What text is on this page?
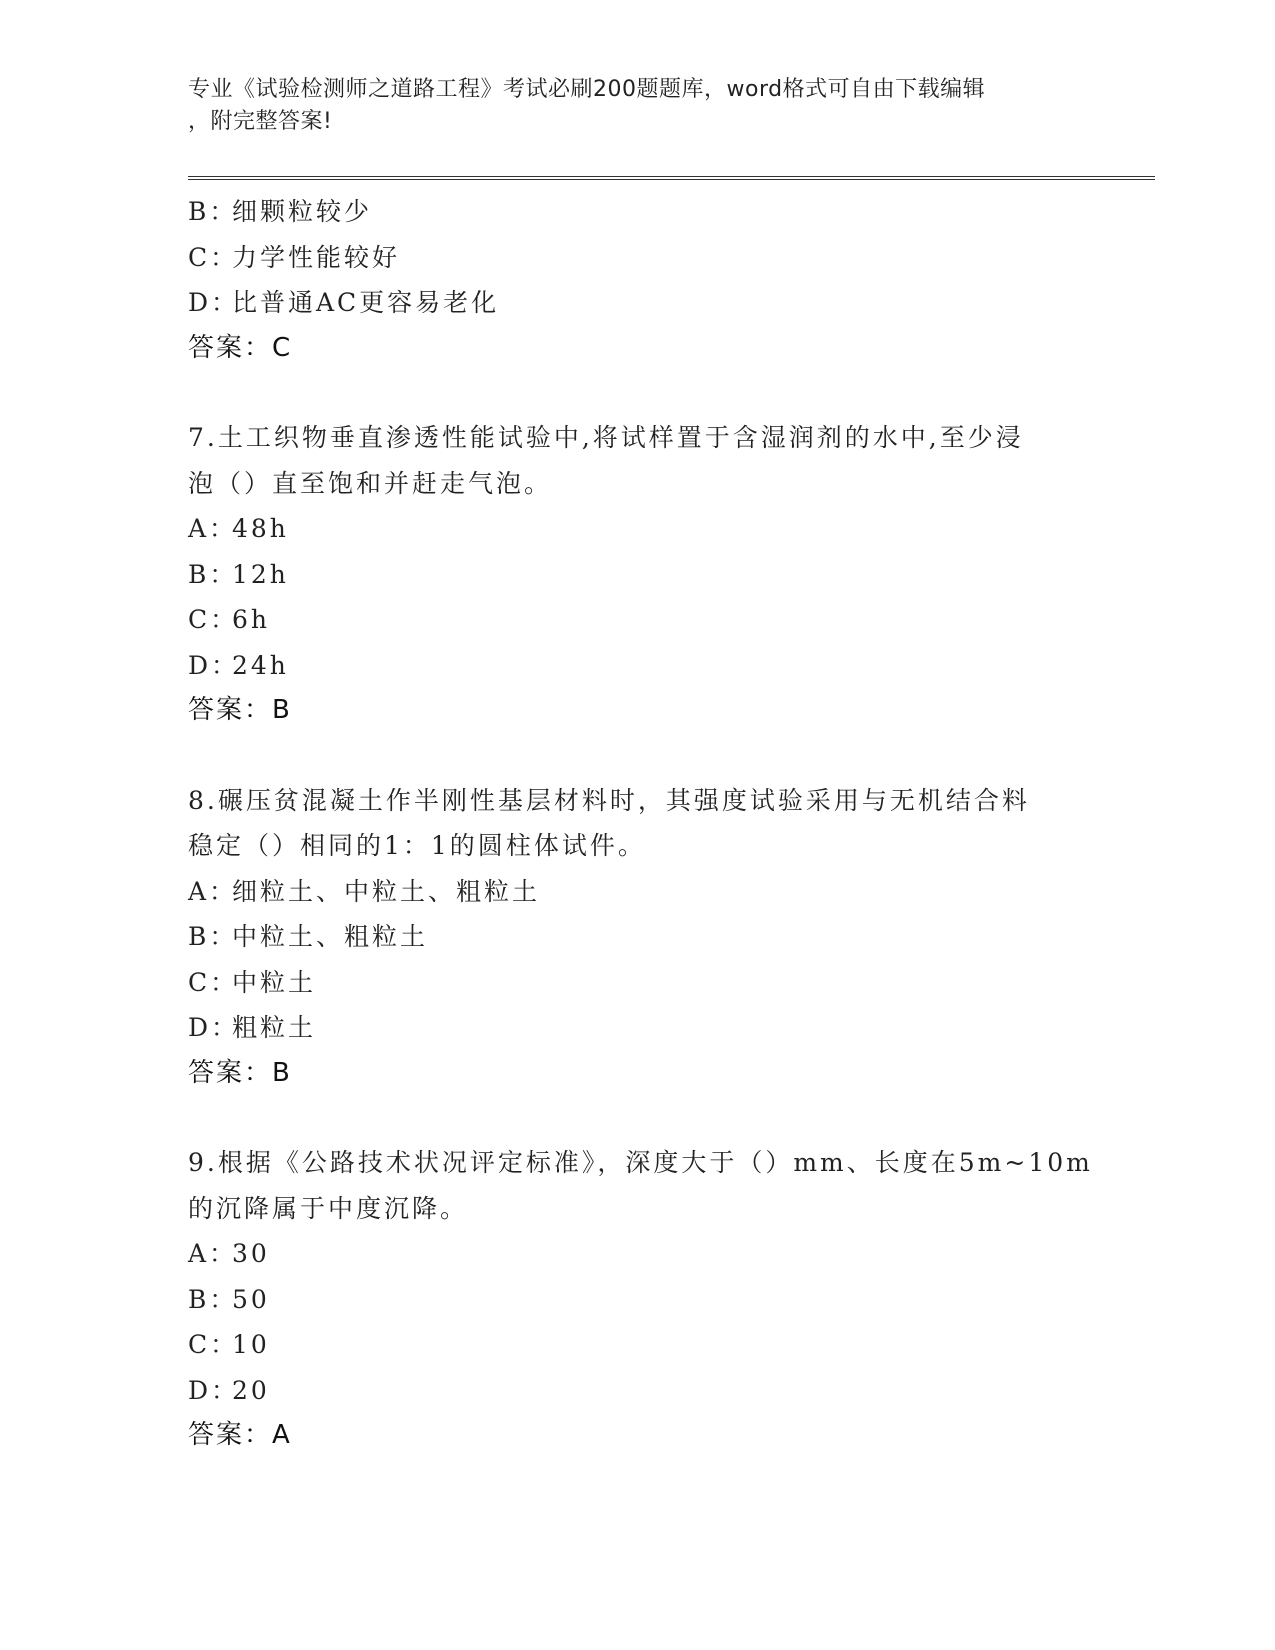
专业《试验检测师之道路工程》考试必刷200题题库，word格式可自由下载编辑
，附完整答案!
B：细颗粒较少
C：力学性能较好
D：比普通AC更容易老化
答案：C
7.土工织物垂直渗透性能试验中,将试样置于含湿润剂的水中,至少浸
泡（）直至饱和并赶走气泡。
A：48h
B：12h
C：6h
D：24h
答案：B
8.碾压贫混凝土作半刚性基层材料时，其强度试验采用与无机结合料
稳定（）相同的1：1的圆柱体试件。
A：细粒土、中粒土、粗粒土
B：中粒土、粗粒土
C：中粒土
D：粗粒土
答案：B
9.根据《公路技术状况评定标准》，深度大于（）mm、长度在5m~10m
的沉降属于中度沉降。
A：30
B：50
C：10
D：20
答案：A
